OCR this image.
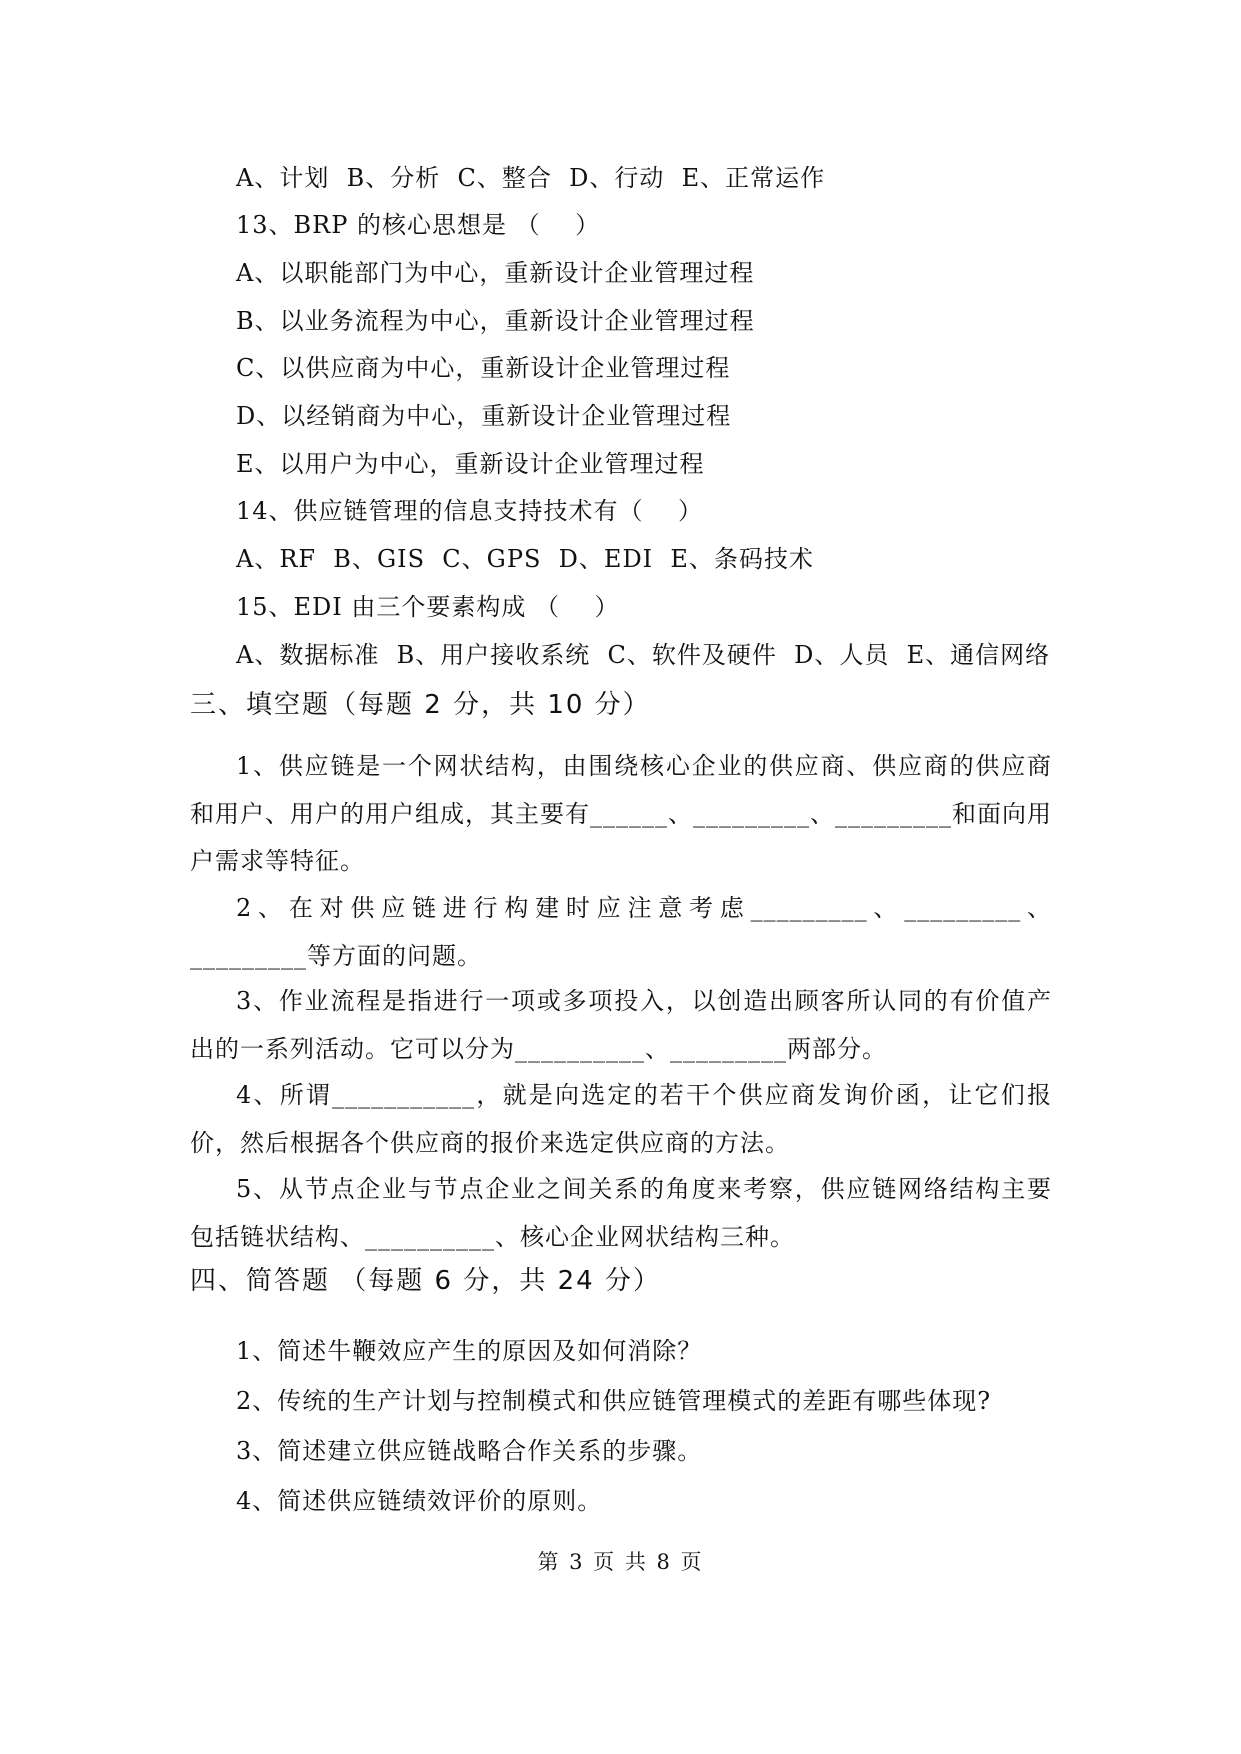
A、计划  B、分析  C、整合  D、行动  E、正常运作
13、BRP 的核心思想是 （    ）
A、以职能部门为中心，重新设计企业管理过程
B、以业务流程为中心，重新设计企业管理过程
C、以供应商为中心，重新设计企业管理过程
D、以经销商为中心，重新设计企业管理过程
E、以用户为中心，重新设计企业管理过程
14、供应链管理的信息支持技术有（    ）
A、RF  B、GIS  C、GPS  D、EDI  E、条码技术
15、EDI 由三个要素构成 （    ）
A、数据标准  B、用户接收系统  C、软件及硬件  D、人员  E、通信网络
三、填空题（每题 2 分，共 10 分）
1、供应链是一个网状结构，由围绕核心企业的供应商、供应商的供应商和用户、用户的用户组成，其主要有______、_________、_________和面向用户需求等特征。
2、在对供应链进行构建时应注意考虑_________、_________、_________等方面的问题。
3、作业流程是指进行一项或多项投入，以创造出顾客所认同的有价值产出的一系列活动。它可以分为__________、_________两部分。
4、所谓___________，就是向选定的若干个供应商发询价函，让它们报价，然后根据各个供应商的报价来选定供应商的方法。
5、从节点企业与节点企业之间关系的角度来考察，供应链网络结构主要包括链状结构、__________、核心企业网状结构三种。
四、简答题 （每题 6 分，共 24 分）
1、简述牛鞭效应产生的原因及如何消除？
2、传统的生产计划与控制模式和供应链管理模式的差距有哪些体现?
3、简述建立供应链战略合作关系的步骤。
4、简述供应链绩效评价的原则。
第 3 页 共 8 页
